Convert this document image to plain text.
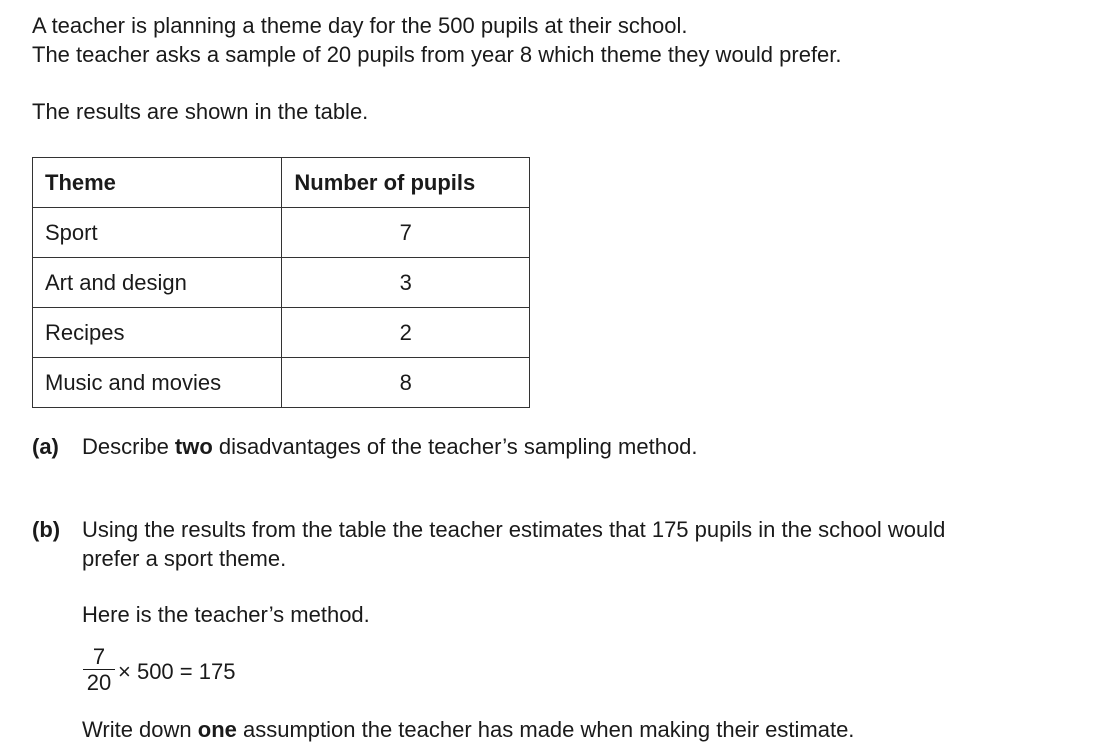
A teacher is planning a theme day for the 500 pupils at their school.
The teacher asks a sample of 20 pupils from year 8 which theme they would prefer.
The results are shown in the table.
Theme	Number of pupils
Sport	7
Art and design	3
Recipes	2
Music and movies	8
(a) Describe two disadvantages of the teacher’s sampling method.
(b) Using the results from the table the teacher estimates that 175 pupils in the school would
prefer a sport theme.
Here is the teacher’s method.
7
20 × 500 = 175
Write down one assumption the teacher has made when making their estimate.
